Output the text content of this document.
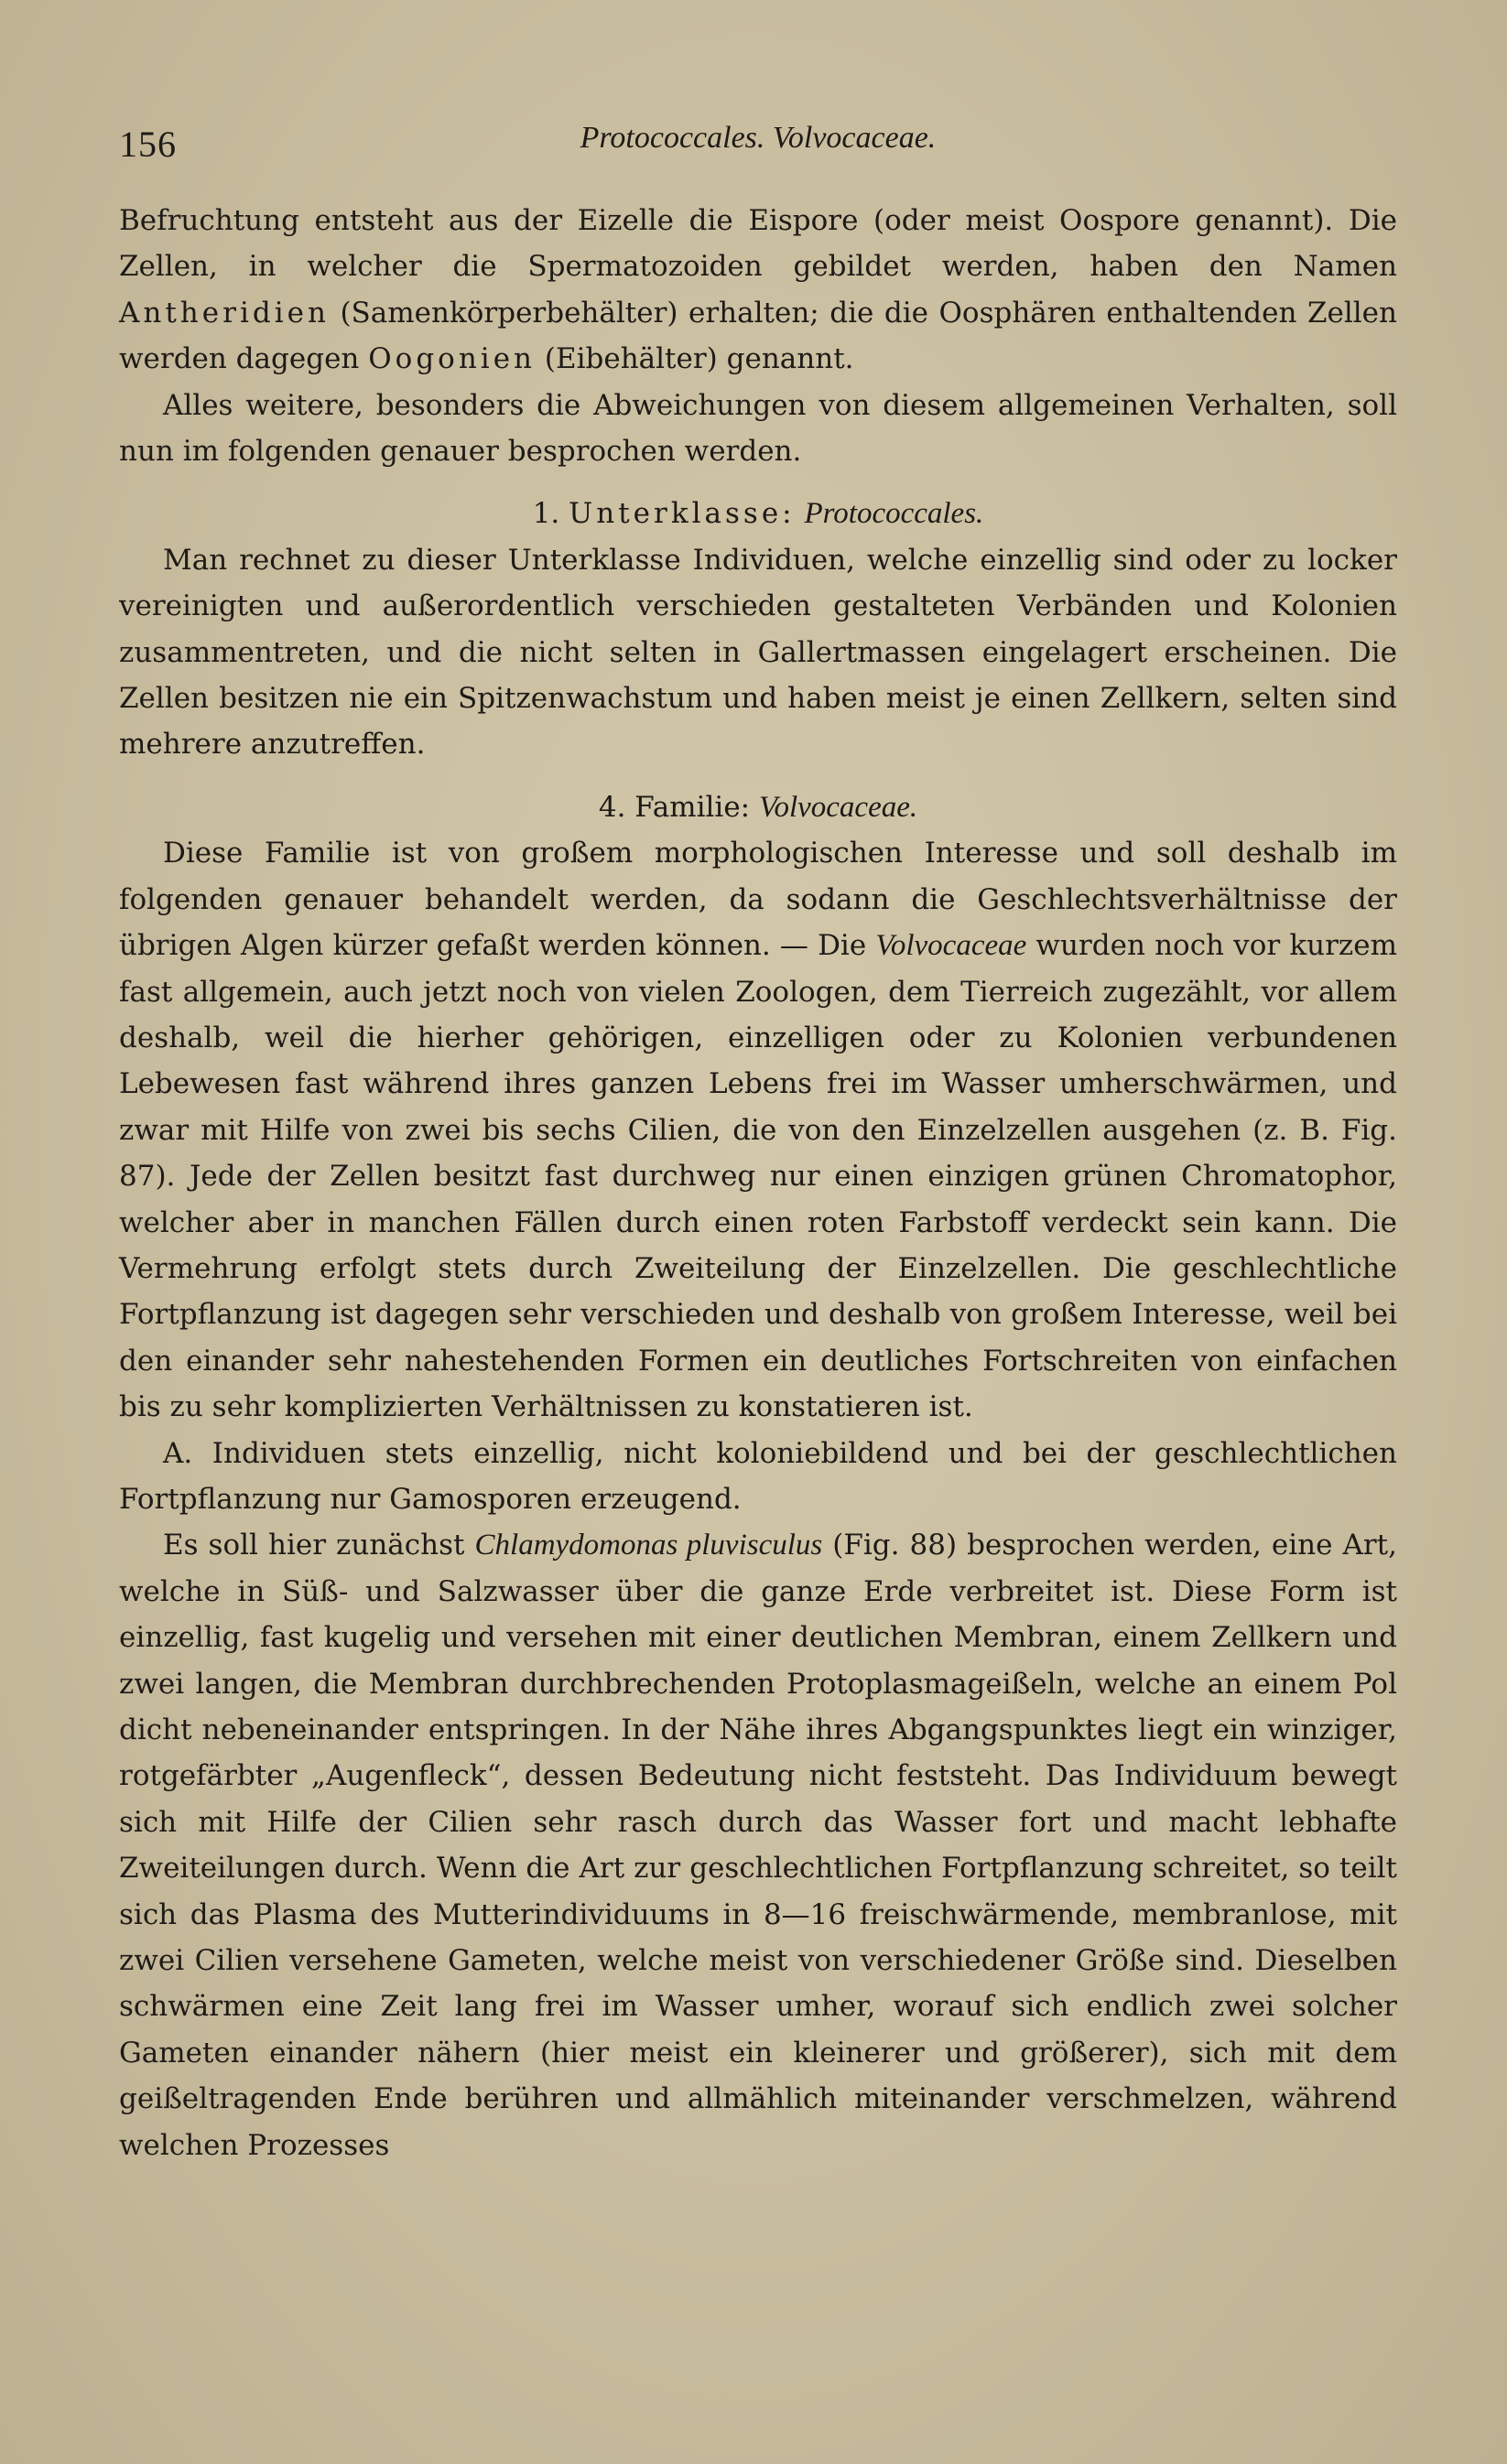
156	Protococcales. Volvocaceae.

Befruchtung entsteht aus der Eizelle die Eispore (oder meist Oospore genannt). Die Zellen, in welcher die Spermatozoiden gebildet werden, haben den Namen Antheridien (Samenkörperbehälter) erhalten; die die Oosphären enthaltenden Zellen werden dagegen Oogonien (Eibehälter) genannt.

Alles weitere, besonders die Abweichungen von diesem allgemeinen Verhalten, soll nun im folgenden genauer besprochen werden.

1. Unterklasse: Protococcales.

Man rechnet zu dieser Unterklasse Individuen, welche einzellig sind oder zu locker vereinigten und außerordentlich verschieden gestalteten Verbänden und Kolonien zusammentreten, und die nicht selten in Gallertmassen eingelagert erscheinen. Die Zellen besitzen nie ein Spitzenwachstum und haben meist je einen Zellkern, selten sind mehrere anzutreffen.

4. Familie: Volvocaceae.

Diese Familie ist von großem morphologischen Interesse und soll deshalb im folgenden genauer behandelt werden, da sodann die Geschlechtsverhältnisse der übrigen Algen kürzer gefaßt werden können. — Die Volvocaceae wurden noch vor kurzem fast allgemein, auch jetzt noch von vielen Zoologen, dem Tierreich zugezählt, vor allem deshalb, weil die hierher gehörigen, einzelligen oder zu Kolonien verbundenen Lebewesen fast während ihres ganzen Lebens frei im Wasser umherschwärmen, und zwar mit Hilfe von zwei bis sechs Cilien, die von den Einzelzellen ausgehen (z. B. Fig. 87). Jede der Zellen besitzt fast durchweg nur einen einzigen grünen Chromatophor, welcher aber in manchen Fällen durch einen roten Farbstoff verdeckt sein kann. Die Vermehrung erfolgt stets durch Zweiteilung der Einzelzellen. Die geschlechtliche Fortpflanzung ist dagegen sehr verschieden und deshalb von großem Interesse, weil bei den einander sehr nahestehenden Formen ein deutliches Fortschreiten von einfachen bis zu sehr komplizierten Verhältnissen zu konstatieren ist.

A. Individuen stets einzellig, nicht koloniebildend und bei der geschlechtlichen Fortpflanzung nur Gamosporen erzeugend.

Es soll hier zunächst Chlamydomonas pluvisculus (Fig. 88) besprochen werden, eine Art, welche in Süß- und Salzwasser über die ganze Erde verbreitet ist. Diese Form ist einzellig, fast kugelig und versehen mit einer deutlichen Membran, einem Zellkern und zwei langen, die Membran durchbrechenden Protoplasmageißeln, welche an einem Pol dicht nebeneinander entspringen. In der Nähe ihres Abgangspunktes liegt ein winziger, rotgefärbter „Augenfleck“, dessen Bedeutung nicht feststeht. Das Individuum bewegt sich mit Hilfe der Cilien sehr rasch durch das Wasser fort und macht lebhafte Zweiteilungen durch. Wenn die Art zur geschlechtlichen Fortpflanzung schreitet, so teilt sich das Plasma des Mutterindividuums in 8—16 freischwärmende, membranlose, mit zwei Cilien versehene Gameten, welche meist von verschiedener Größe sind. Dieselben schwärmen eine Zeit lang frei im Wasser umher, worauf sich endlich zwei solcher Gameten einander nähern (hier meist ein kleinerer und größerer), sich mit dem geißeltragenden Ende berühren und allmählich miteinander verschmelzen, während welchen Prozesses
